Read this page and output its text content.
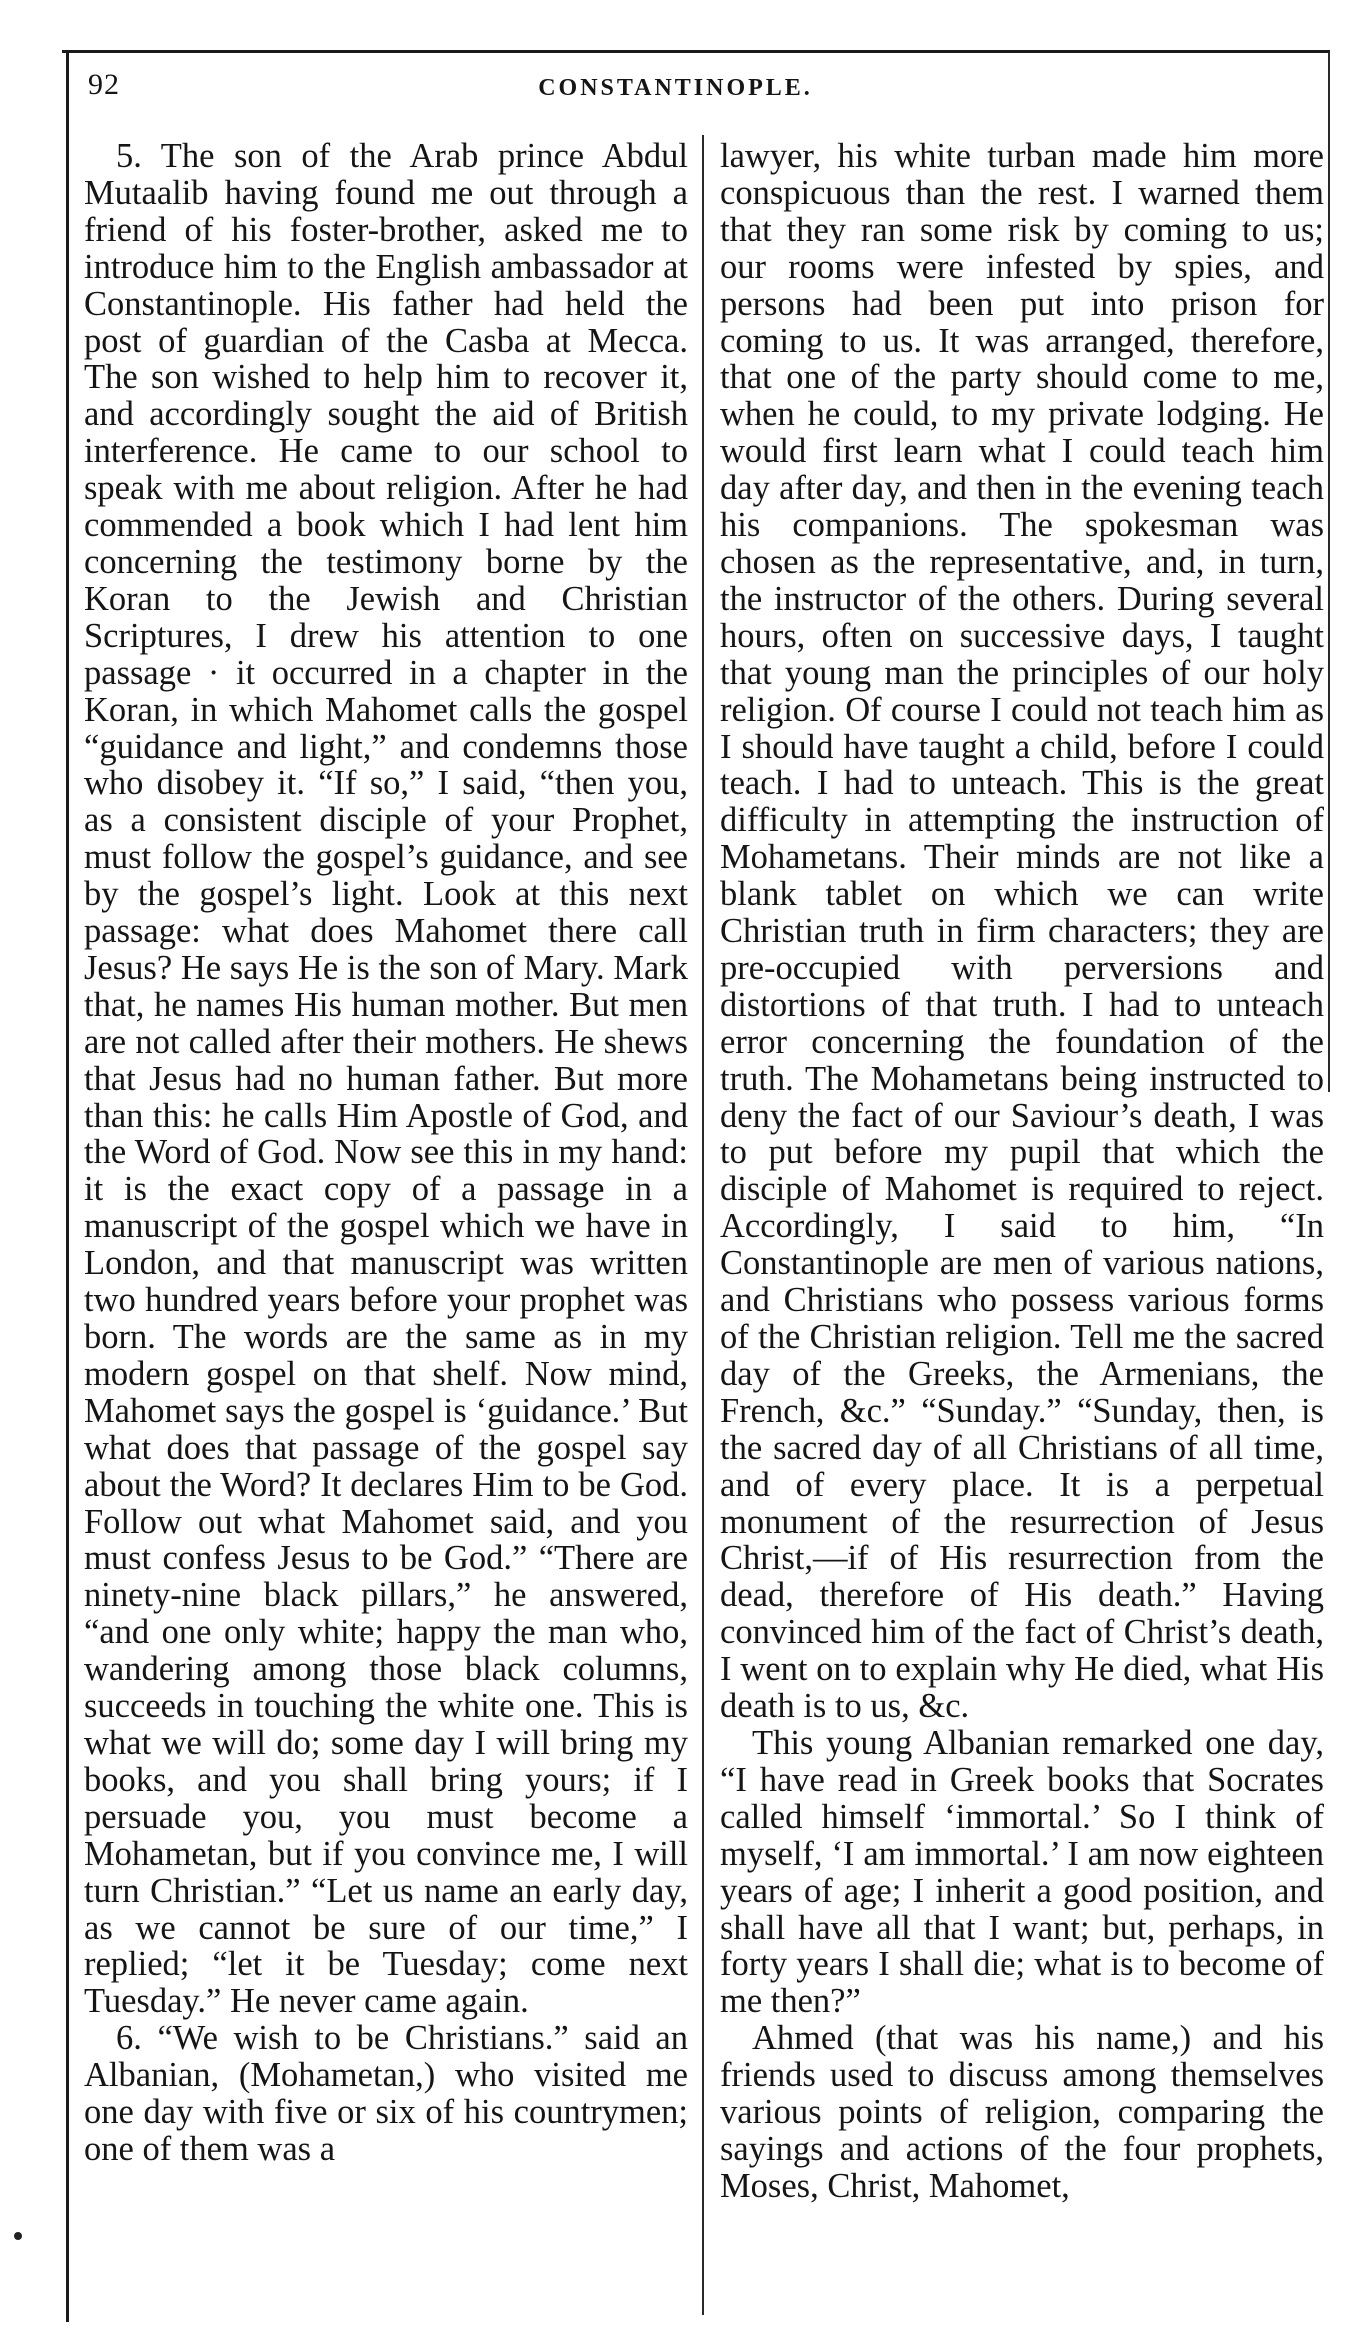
92	CONSTANTINOPLE.

5. The son of the Arab prince Abdul Mutaalib having found me out through a friend of his foster-brother, asked me to introduce him to the English ambassador at Constantinople. His father had held the post of guardian of the Casba at Mecca. The son wished to help him to recover it, and accordingly sought the aid of British interference. He came to our school to speak with me about religion. After he had commended a book which I had lent him concerning the testimony borne by the Koran to the Jewish and Christian Scriptures, I drew his attention to one passage · it occurred in a chapter in the Koran, in which Mahomet calls the gospel “guidance and light,” and condemns those who disobey it. “If so,” I said, “then you, as a consistent disciple of your Prophet, must follow the gospel’s guidance, and see by the gospel’s light. Look at this next passage: what does Mahomet there call Jesus? He says He is the son of Mary. Mark that, he names His human mother. But men are not called after their mothers. He shews that Jesus had no human father. But more than this: he calls Him Apostle of God, and the Word of God. Now see this in my hand: it is the exact copy of a passage in a manuscript of the gospel which we have in London, and that manuscript was written two hundred years before your prophet was born. The words are the same as in my modern gospel on that shelf. Now mind, Mahomet says the gospel is ‘guidance.’ But what does that passage of the gospel say about the Word? It declares Him to be God. Follow out what Mahomet said, and you must confess Jesus to be God.” “There are ninety-nine black pillars,” he answered, “and one only white; happy the man who, wandering among those black columns, succeeds in touching the white one. This is what we will do; some day I will bring my books, and you shall bring yours; if I persuade you, you must become a Mohametan, but if you convince me, I will turn Christian.” “Let us name an early day, as we cannot be sure of our time,” I replied; “let it be Tuesday; come next Tuesday.” He never came again.

6. “We wish to be Christians.” said an Albanian, (Mohametan,) who visited me one day with five or six of his countrymen; one of them was a

lawyer, his white turban made him more conspicuous than the rest. I warned them that they ran some risk by coming to us; our rooms were infested by spies, and persons had been put into prison for coming to us. It was arranged, therefore, that one of the party should come to me, when he could, to my private lodging. He would first learn what I could teach him day after day, and then in the evening teach his companions. The spokesman was chosen as the representative, and, in turn, the instructor of the others. During several hours, often on successive days, I taught that young man the principles of our holy religion. Of course I could not teach him as I should have taught a child, before I could teach. I had to unteach. This is the great difficulty in attempting the instruction of Mohametans. Their minds are not like a blank tablet on which we can write Christian truth in firm characters; they are pre-occupied with perversions and distortions of that truth. I had to unteach error concerning the foundation of the truth. The Mohametans being instructed to deny the fact of our Saviour’s death, I was to put before my pupil that which the disciple of Mahomet is required to reject. Accordingly, I said to him, “In Constantinople are men of various nations, and Christians who possess various forms of the Christian religion. Tell me the sacred day of the Greeks, the Armenians, the French, &c.” “Sunday.” “Sunday, then, is the sacred day of all Christians of all time, and of every place. It is a perpetual monument of the resurrection of Jesus Christ,—if of His resurrection from the dead, therefore of His death.” Having convinced him of the fact of Christ’s death, I went on to explain why He died, what His death is to us, &c.

This young Albanian remarked one day, “I have read in Greek books that Socrates called himself ‘immortal.’ So I think of myself, ‘I am immortal.’ I am now eighteen years of age; I inherit a good position, and shall have all that I want; but, perhaps, in forty years I shall die; what is to become of me then?”

Ahmed (that was his name,) and his friends used to discuss among themselves various points of religion, comparing the sayings and actions of the four prophets, Moses, Christ, Mahomet,
